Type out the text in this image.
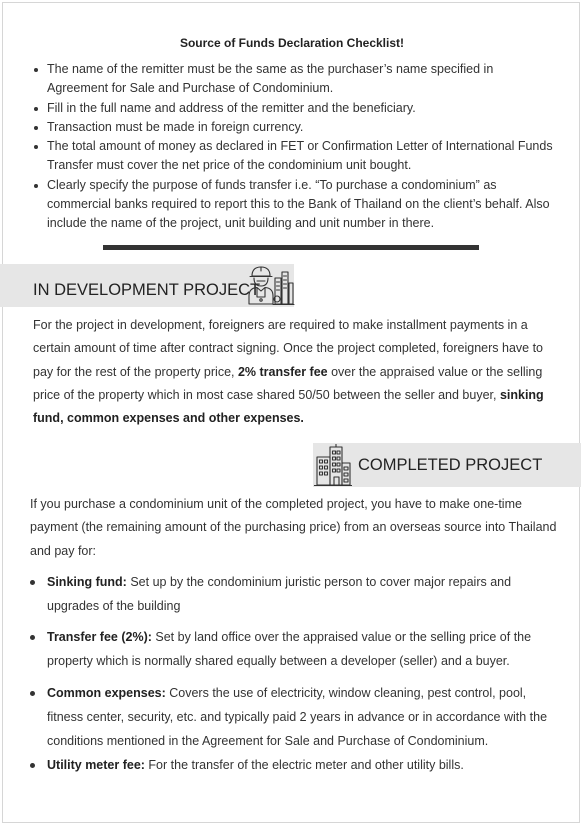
Source of Funds Declaration Checklist!
The name of the remitter must be the same as the purchaser’s name specified in Agreement for Sale and Purchase of Condominium.
Fill in the full name and address of the remitter and the beneficiary.
Transaction must be made in foreign currency.
The total amount of money as declared in FET or Confirmation Letter of International Funds Transfer must cover the net price of the condominium unit bought.
Clearly specify the purpose of funds transfer i.e. “To purchase a condominium” as commercial banks required to report this to the Bank of Thailand on the client’s behalf. Also include the name of the project, unit building and unit number in there.
IN DEVELOPMENT PROJECT
For the project in development, foreigners are required to make installment payments in a certain amount of time after contract signing. Once the project completed, foreigners have to pay for the rest of the property price, 2% transfer fee over the appraised value or the selling price of the property which in most case shared 50/50 between the seller and buyer, sinking fund, common expenses and other expenses.
COMPLETED PROJECT
If you purchase a condominium unit of the completed project, you have to make one-time payment (the remaining amount of the purchasing price) from an overseas source into Thailand and pay for:
Sinking fund: Set up by the condominium juristic person to cover major repairs and upgrades of the building
Transfer fee (2%): Set by land office over the appraised value or the selling price of the property which is normally shared equally between a developer (seller) and a buyer.
Common expenses: Covers the use of electricity, window cleaning, pest control, pool, fitness center, security, etc. and typically paid 2 years in advance or in accordance with the conditions mentioned in the Agreement for Sale and Purchase of Condominium.
Utility meter fee: For the transfer of the electric meter and other utility bills.
